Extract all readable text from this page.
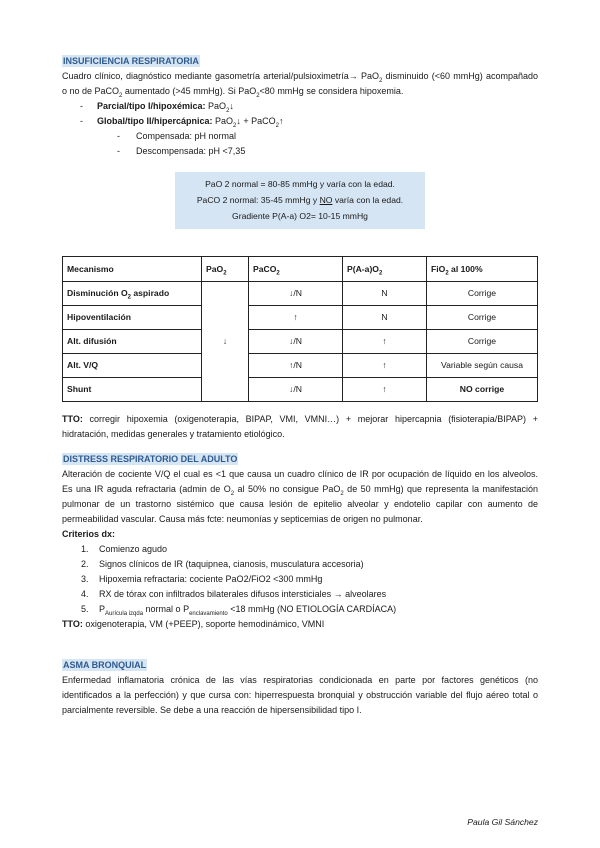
INSUFICIENCIA RESPIRATORIA

Cuadro clínico, diagnóstico mediante gasometría arterial/pulsioximetría→ PaO$_2$ disminuido (<60 mmHg) acompañado o no de PaCO$_2$ aumentado (>45 mmHg). Si PaO$_2$<80 mmHg se considera hipoxemia.

- Parcial/tipo I/hipoxémica: PaO$_2$↓
- Global/tipo II/hipercápnica: PaO$_2$↓ + PaCO$_2$↑
- Compensada: pH normal
- Descompensada: pH <7,35
PaO 2 normal = 80-85 mmHg y varía con la edad.
PaCO 2 normal: 35-45 mmHg y NO varía con la edad.
Gradiente P(A-a) O2= 10-15 mmHg
Mecanismo	PaO$_2$	PaCO$_2$	$P(A-a)O_2$	FiO$_2$ al 100%
Disminución $O_2$ aspirado	↓	↓/N	N	Corrige
Hipoventilación		↑	N	Corrige
Alt. difusión		↓/N	↑	Corrige
Alt. V/Q		↑/N	↑	Variable según causa
Shunt		↓/N	↑	NO corrige

TTO: corregir hipoxemia (oxigenoterapia, BIPAP, VMI, VMNI…) + mejorar hipercapnia (fisioterapia/BIPAP) + hidratación, medidas generales y tratamiento etiológico.

DISTRESS RESPIRATORIO DEL ADULTO

Alteración de cociente V/Q el cual es <1 que causa un cuadro clínico de IR por ocupación de líquido en los alveolos. Es una IR aguda refractaria (admin de $O_2$ al 50% no consigue PaO$_2$ de 50 mmHg) que representa la manifestación pulmonar de un trastorno sistémico que causa lesión de epitelio alveolar y endotelio capilar con aumento de permeabilidad vascular. Causa más fcte: neumonías y septicemias de origen no pulmonar.

Criterios dx:

1. Comienzo agudo
2. Signos clínicos de IR (taquipnea, cianosis, musculatura accesoria)
3. Hipoxemia refractaria: cociente PaO2/FiO2 <300 mmHg
4. RX de tórax con infiltrados bilaterales difusos intersticiales → alveolares
5. $P_{Aurícula izqda}$ normal o $P_{enclavamiento} <18$ mmHg (NO ETIOLOGÍA CARDÍACA)

TTO: oxigenoterapia, VM (+PEEP), soporte hemodinámico, VMNI

ASMA BRONQUIAL

Enfermedad inflamatoria crónica de las vías respiratorias condicionada en parte por factores genéticos (no identificados a la perfección) y que cursa con: hiperrespuesta bronquial y obstrucción variable del flujo aéreo total o parcialmente reversible. Se debe a una reacción de hipersensibilidad tipo I.

Paula Gil Sánchez
